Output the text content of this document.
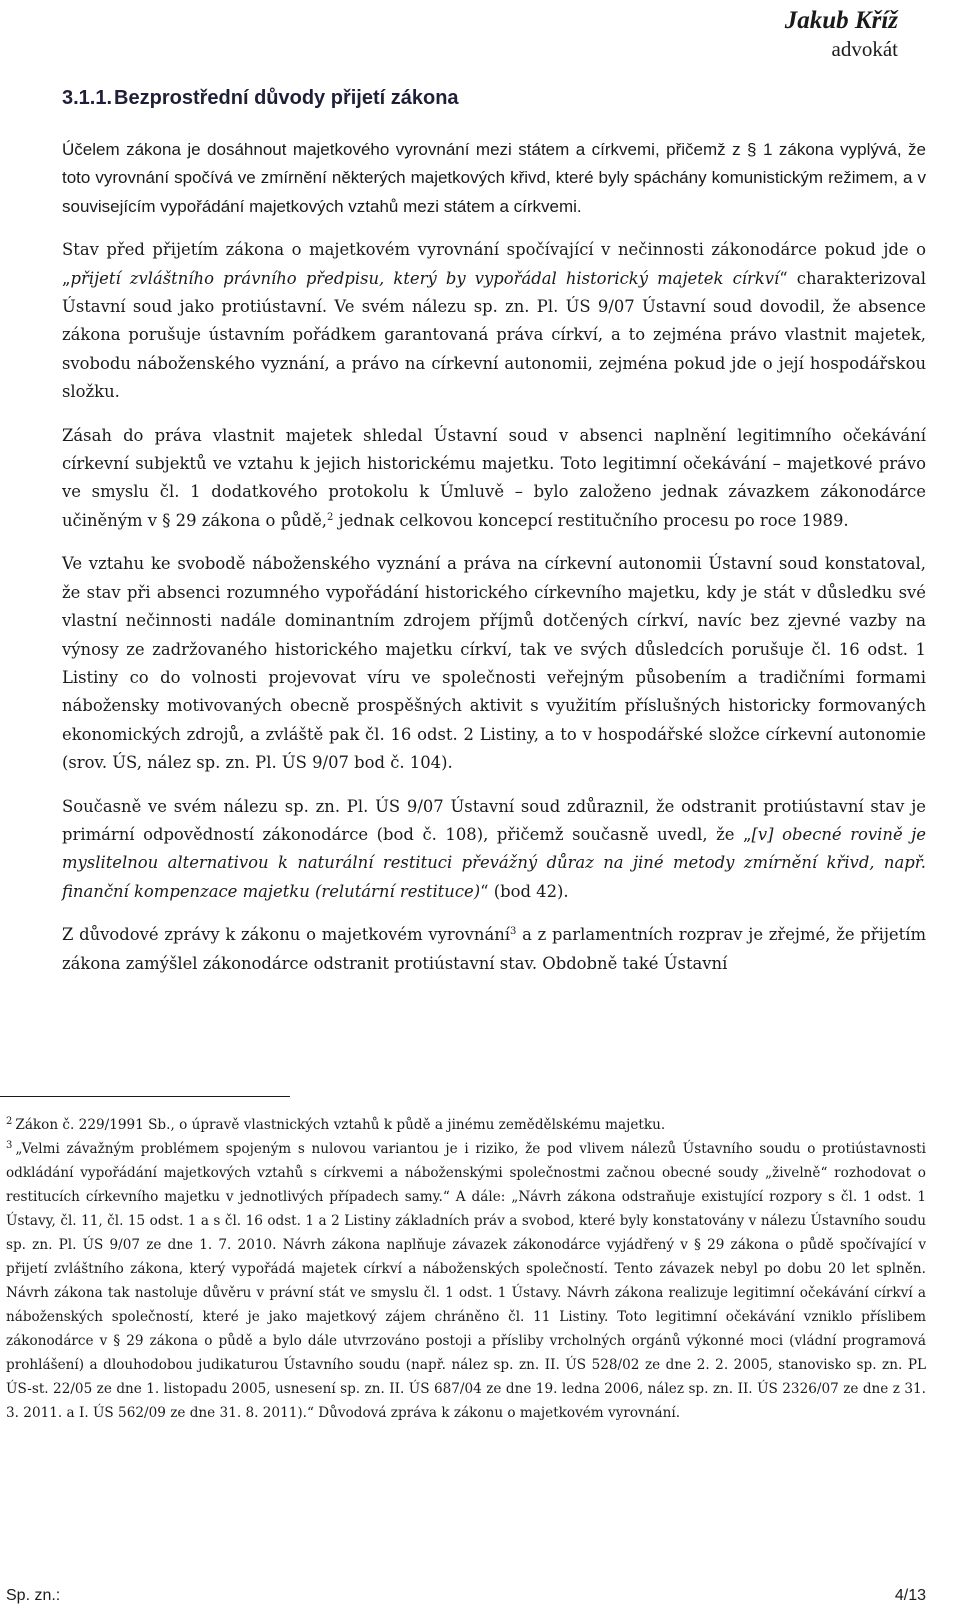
Jakub Kříž
advokát
3.1.1. Bezprostřední důvody přijetí zákona

Účelem zákona je dosáhnout majetkového vyrovnání mezi státem a církvemi, přičemž z § 1 zákona vyplývá, že toto vyrovnání spočívá ve zmírnění některých majetkových křivd, které byly spáchány komunistickým režimem, a v souvisejícím vypořádání majetkových vztahů mezi státem a církvemi.

Stav před přijetím zákona o majetkovém vyrovnání spočívající v nečinnosti zákonodárce pokud jde o „přijetí zvláštního právního předpisu, který by vypořádal historický majetek církví“ charakterizoval Ústavní soud jako protiústavní. Ve svém nálezu sp. zn. Pl. ÚS 9/07 Ústavní soud dovodil, že absence zákona porušuje ústavním pořádkem garantovaná práva církví, a to zejména právo vlastnit majetek, svobodu náboženského vyznání, a právo na církevní autonomii, zejména pokud jde o její hospodářskou složku.

Zásah do práva vlastnit majetek shledal Ústavní soud v absenci naplnění legitimního očekávání církevní subjektů ve vztahu k jejich historickému majetku. Toto legitimní očekávání – majetkové právo ve smyslu čl. 1 dodatkového protokolu k Úmluvě – bylo založeno jednak závazkem zákonodárce učiněným v § 29 zákona o půdě,$^2$ jednak celkovou koncepcí restitučního procesu po roce 1989.

Ve vztahu ke svobodě náboženského vyznání a práva na církevní autonomii Ústavní soud konstatoval, že stav při absenci rozumného vypořádání historického církevního majetku, kdy je stát v důsledku své vlastní nečinnosti nadále dominantním zdrojem příjmů dotčených církví, navíc bez zjevné vazby na výnosy ze zadržovaného historického majetku církví, tak ve svých důsledcích porušuje čl. 16 odst. 1 Listiny co do volnosti projevovat víru ve společnosti veřejným působením a tradičními formami nábožensky motivovaných obecně prospěšných aktivit s využitím příslušných historicky formovaných ekonomických zdrojů, a zvláště pak čl. 16 odst. 2 Listiny, a to v hospodářské složce církevní autonomie (srov. ÚS, nález sp. zn. Pl. ÚS 9/07 bod č. 104).

Současně ve svém nálezu sp. zn. Pl. ÚS 9/07 Ústavní soud zdůraznil, že odstranit protiústavní stav je primární odpovědností zákonodárce (bod č. 108), přičemž současně uvedl, že „[v] obecné rovině je myslitelnou alternativou k naturální restituci převážný důraz na jiné metody zmírnění křivd, např. finanční kompenzace majetku (relutární restituce)“ (bod 42).

Z důvodové zprávy k zákonu o majetkovém vyrovnání$^3$ a z parlamentních rozprav je zřejmé, že přijetím zákona zamýšlel zákonodárce odstranit protiústavní stav. Obdobně také Ústavní

$^2$ Zákon č. 229/1991 Sb., o úpravě vlastnických vztahů k půdě a jinému zemědělskému majetku.

$^3$ „Velmi závažným problémem spojeným s nulovou variantou je i riziko, že pod vlivem nálezů Ústavního soudu o protiústavnosti odkládání vypořádání majetkových vztahů s církvemi a náboženskými společnostmi začnou obecné soudy „živelně“ rozhodovat o restitucích církevního majetku v jednotlivých případech samy.“ A dále: „Návrh zákona odstraňuje existující rozpory s čl. 1 odst. 1 Ústavy, čl. 11, čl. 15 odst. 1 a s čl. 16 odst. 1 a 2 Listiny základních práv a svobod, které byly konstatovány v nálezu Ústavního soudu sp. zn. Pl. ÚS 9/07 ze dne 1. 7. 2010. Návrh zákona naplňuje závazek zákonodárce vyjádřený v § 29 zákona o půdě spočívající v přijetí zvláštního zákona, který vypořádá majetek církví a náboženských společností. Tento závazek nebyl po dobu 20 let splněn. Návrh zákona tak nastoluje důvěru v právní stát ve smyslu čl. 1 odst. 1 Ústavy. Návrh zákona realizuje legitimní očekávání církví a náboženských společností, které je jako majetkový zájem chráněno čl. 11 Listiny. Toto legitimní očekávání vzniklo příslibem zákonodárce v § 29 zákona o půdě a bylo dále utvrzováno postoji a přísliby vrcholných orgánů výkonné moci (vládní programová prohlášení) a dlouhodobou judikaturou Ústavního soudu (např. nález sp. zn. II. ÚS 528/02 ze dne 2. 2. 2005, stanovisko sp. zn. PL ÚS-st. 22/05 ze dne 1. listopadu 2005, usnesení sp. zn. II. ÚS 687/04 ze dne 19. ledna 2006, nález sp. zn. II. ÚS 2326/07 ze dne z 31. 3. 2011. a I. ÚS 562/09 ze dne 31. 8. 2011).“ Důvodová zpráva k zákonu o majetkovém vyrovnání.

Sp. zn.:	4/13
